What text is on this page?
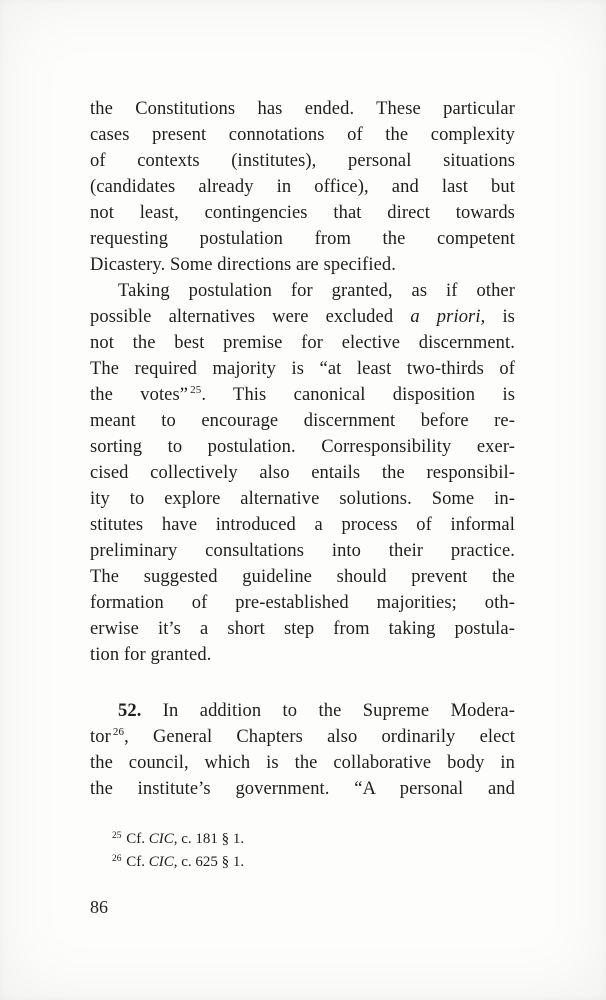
the Constitutions has ended. These particular
cases present connotations of the complexity
of contexts (institutes), personal situations
(candidates already in office), and last but
not least, contingencies that direct towards
requesting postulation from the competent
Dicastery. Some directions are specified.
Taking postulation for granted, as if other
possible alternatives were excluded a priori, is
not the best premise for elective discernment.
The required majority is “at least two-thirds of
the votes” $^{25}$. This canonical disposition is
meant to encourage discernment before re-
sorting to postulation. Corresponsibility exer-
cised collectively also entails the responsibil-
ity to explore alternative solutions. Some in-
stitutes have introduced a process of informal
preliminary consultations into their practice.
The suggested guideline should prevent the
formation of pre-established majorities; oth-
erwise it’s a short step from taking postula-
tion for granted.
52. In addition to the Supreme Modera-
tor $^{26}$, General Chapters also ordinarily elect
the council, which is the collaborative body in
the institute’s government. “A personal and
$^{25}$ Cf. CIC, c. 181 § 1.
$^{26}$ Cf. CIC, c. 625 § 1.
86
